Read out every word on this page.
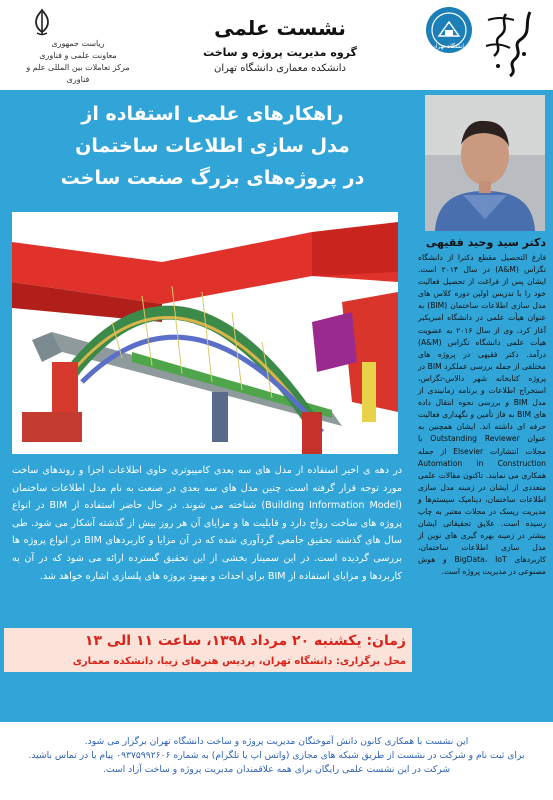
ریاست جمهوری
معاونت علمی و فناوری
مرکز تعاملات بین المللی علم و فناوری
نشست علمی
گروه مدیریت پروژه و ساخت
دانشکده معماری دانشگاه تهران
دانشگاه تهران
راهکارهای علمی استفاده از
مدل سازی اطلاعات ساختمان
در پروژه‌های بزرگ صنعت ساخت
در دهه ی اخیر استفاده از مدل های سه بعدی کامپیوتری حاوی اطلاعات اجزا و روندهای ساخت مورد توجه قرار گرفته است. چنین مدل های سه بعدی در صنعت به نام مدل اطلاعات ساختمان (Building Information Model) شناخته می شوند. در حال حاضر استفاده از BIM در انواع پروژه های ساخت رواج دارد و قابلیت ها و مزایای آن هر روز بیش از گذشته آشکار می شود. طی سال های گذشته تحقیق جامعی گردآوری شده که در آن مزایا و کاربردهای BIM در انواع پروژه ها بررسی گردیده است. در این سمینار بخشی از این تحقیق گسترده ارائه می شود که در آن به کاربردها و مزایای استفاده از BIM برای احداث و بهبود پروژه های پلسازی اشاره خواهد شد.
دکتر سید وحید فقیهی
فارغ التحصیل مقطع دکترا از دانشگاه تگزاس (A&M) در سال ۲۰۱۴ است. ایشان پس از فراغت از تحصیل فعالیت خود را با تدریس اولین دوره کلاس های مدل سازی اطلاعات ساختمان (BIM) به عنوان هیأت علمی در دانشگاه امبریکیر آغاز کرد. وی از سال ۲۰۱۶ به عضویت هیأت علمی دانشگاه تگزاس (A&M) درآمد. دکتر فقیهی در پروژه های مختلفی از جمله بررسی عملکرد BIM در پروژه کتابخانه شهر دالاس-تگزاس، استخراج اطلاعات و برنامه زمانبندی از مدل BIM و بررسی نحوه انتقال داده های BIM به فاز تأمین و نگهداری فعالیت حرفه ای داشته اند. ایشان همچنین به عنوان Outstanding Reviewer با مجلات انتشارات Elsevier از جمله Automation in Construction همکاری می نمایند. تاکنون مقالات علمی متعددی از ایشان در زمینه مدل سازی اطلاعات ساختمان، دینامیک سیستم‌ها و مدیریت ریسک در مجلات معتبر به چاپ رسیده است. علایق تحقیقاتی ایشان بیشتر در زمینه بهره گیری های نوین از مدل سازی اطلاعات ساختمان، کاربردهای BigData، IoT و هوش مصنوعی در مدیریت پروژه است.
زمان: یکشنبه ۲۰ مرداد ۱۳۹۸، ساعت ۱۱ الی ۱۳
محل برگزاری: دانشگاه تهران، پردیس هنرهای زیبا، دانشکده معماری
این نشست با همکاری کانون دانش آموختگان مدیریت پروژه و ساخت دانشگاه تهران برگزار می شود.
برای ثبت نام و شرکت در نشست از طریق شبکه های مجازی (واتس اپ یا تلگرام) به شماره ۰۹۳۷۵۹۹۲۶۰۶ پیام یا در تماس باشید.
شرکت در این نشست علمی رایگان برای همه علاقمندان مدیریت پروژه و ساخت آزاد است.
